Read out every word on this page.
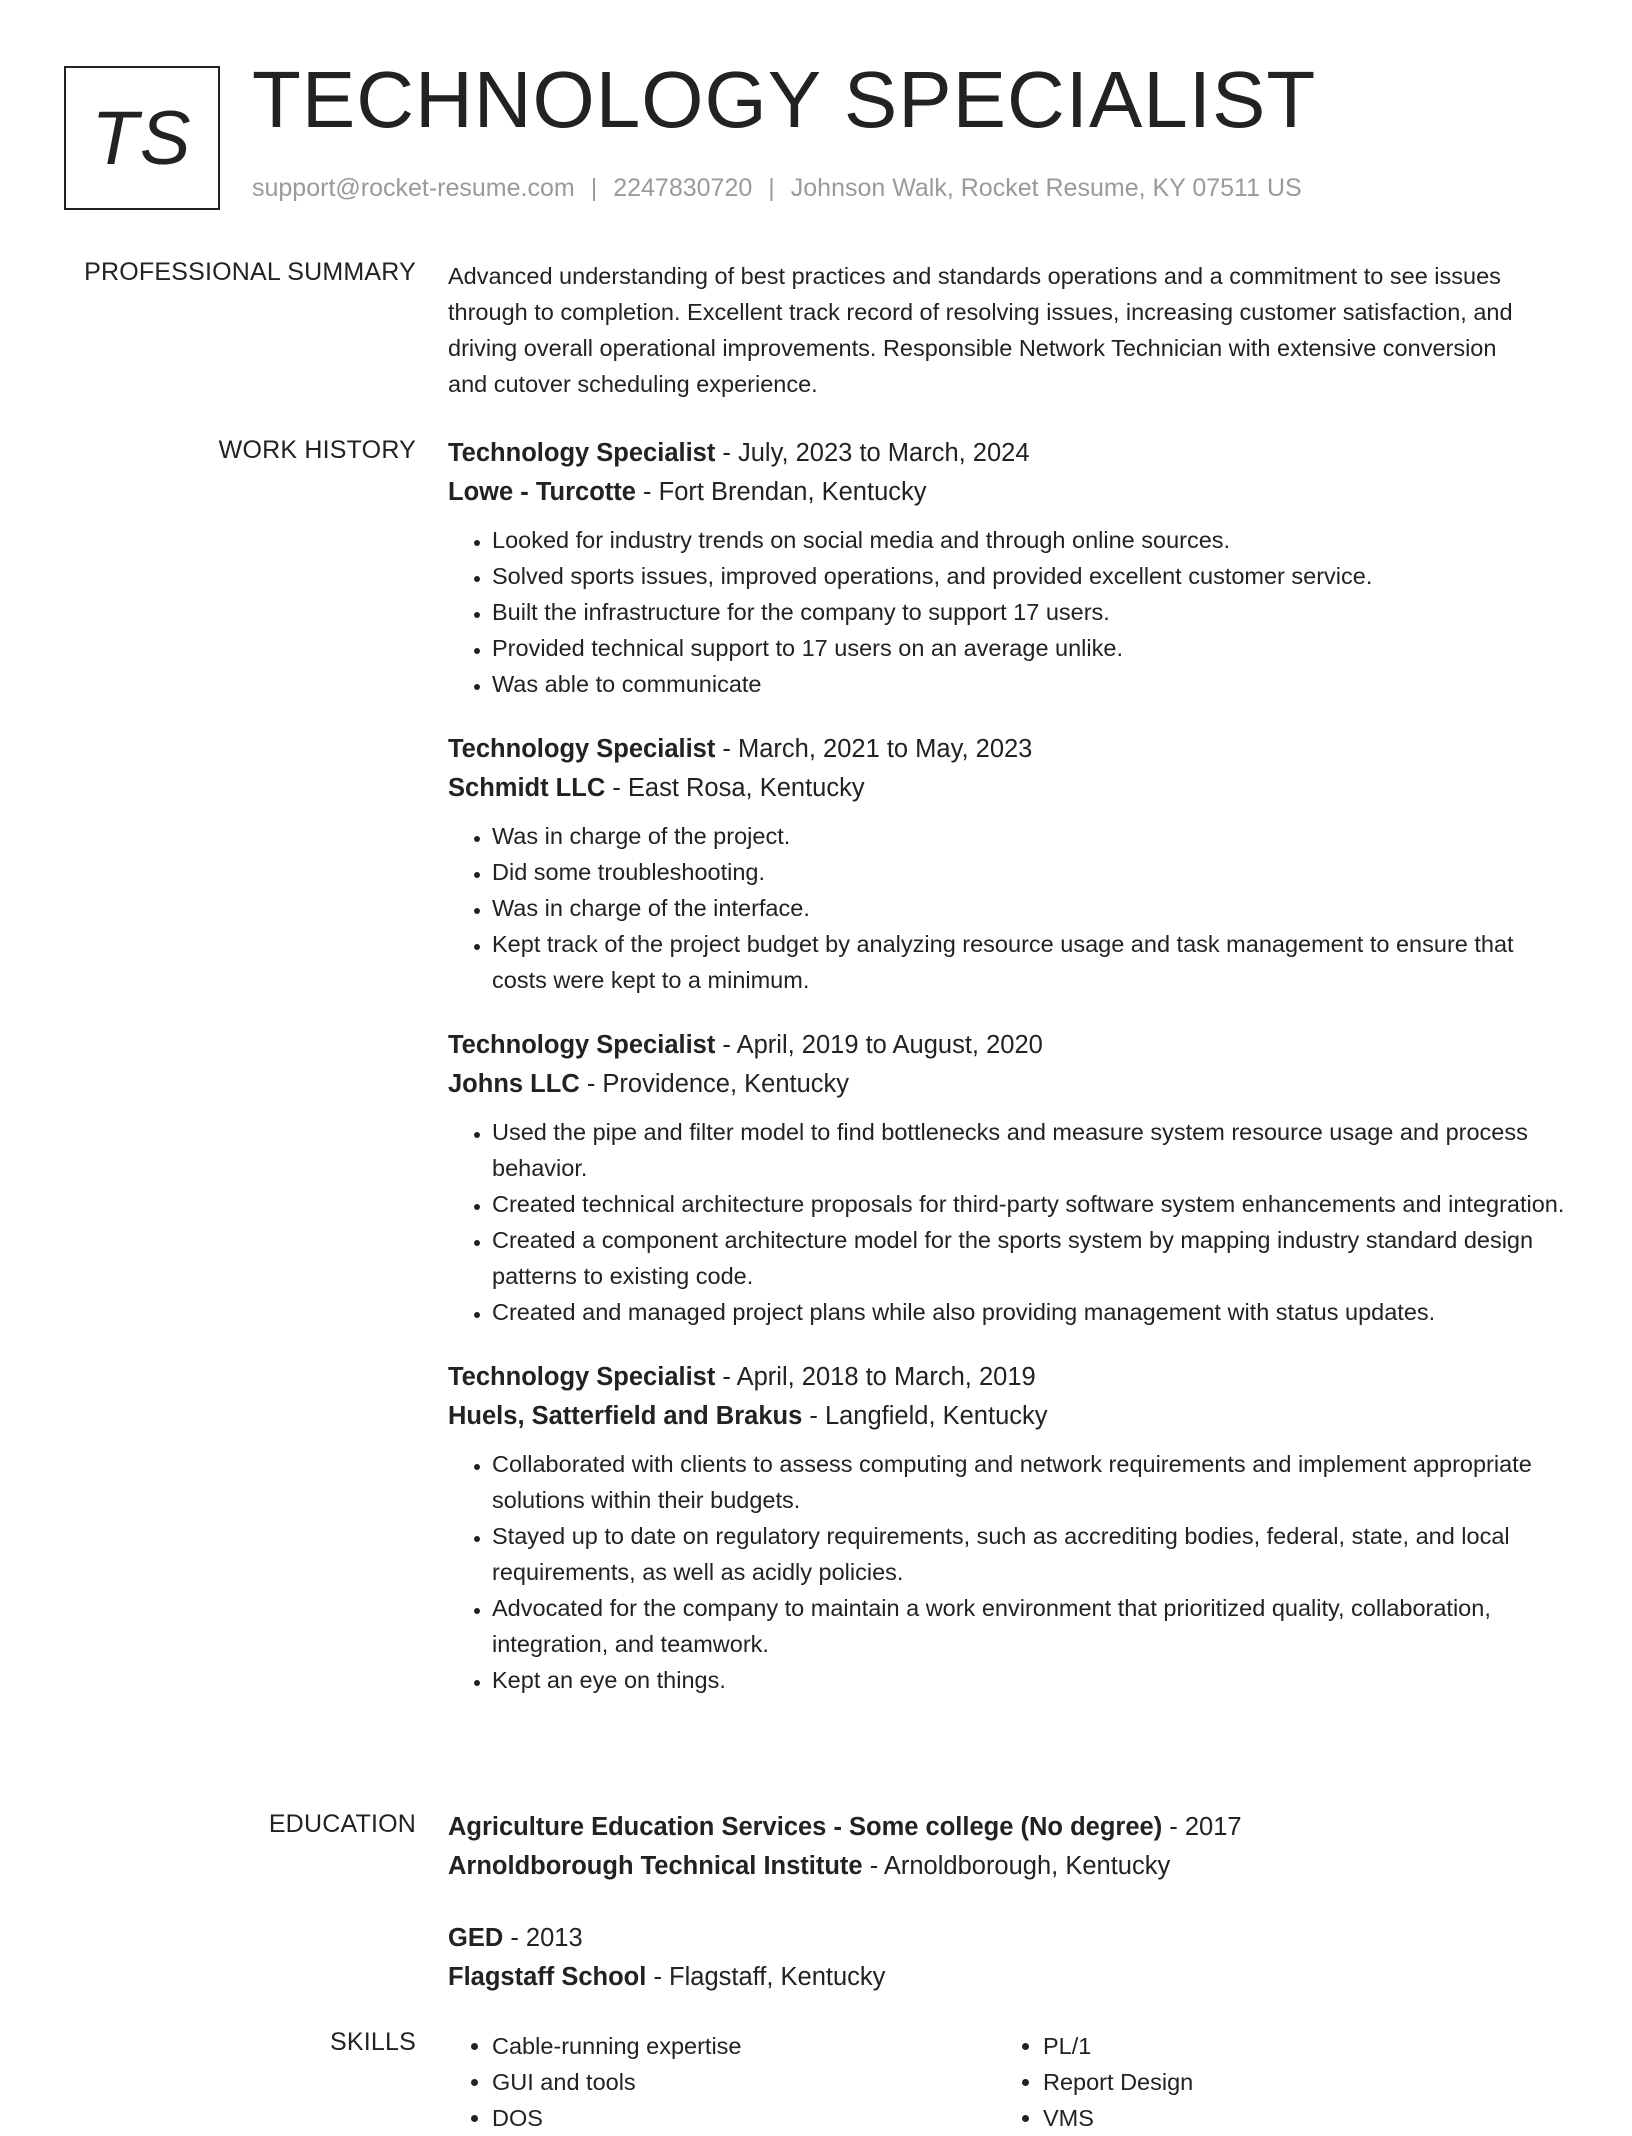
TS TECHNOLOGY SPECIALIST
support@rocket-resume.com | 2247830720 | Johnson Walk, Rocket Resume, KY 07511 US
PROFESSIONAL SUMMARY Advanced understanding of best practices and standards operations and a commitment to see issues through to completion. Excellent track record of resolving issues, increasing customer satisfaction, and driving overall operational improvements. Responsible Network Technician with extensive conversion and cutover scheduling experience.
WORK HISTORY Technology Specialist - July, 2023 to March, 2024
Lowe - Turcotte - Fort Brendan, Kentucky
• Looked for industry trends on social media and through online sources.
• Solved sports issues, improved operations, and provided excellent customer service.
• Built the infrastructure for the company to support 17 users.
• Provided technical support to 17 users on an average unlike.
• Was able to communicate
Technology Specialist - March, 2021 to May, 2023
Schmidt LLC - East Rosa, Kentucky
• Was in charge of the project.
• Did some troubleshooting.
• Was in charge of the interface.
• Kept track of the project budget by analyzing resource usage and task management to ensure that costs were kept to a minimum.
Technology Specialist - April, 2019 to August, 2020
Johns LLC - Providence, Kentucky
• Used the pipe and filter model to find bottlenecks and measure system resource usage and process behavior.
• Created technical architecture proposals for third-party software system enhancements and integration.
• Created a component architecture model for the sports system by mapping industry standard design patterns to existing code.
• Created and managed project plans while also providing management with status updates.
Technology Specialist - April, 2018 to March, 2019
Huels, Satterfield and Brakus - Langfield, Kentucky
• Collaborated with clients to assess computing and network requirements and implement appropriate solutions within their budgets.
• Stayed up to date on regulatory requirements, such as accrediting bodies, federal, state, and local requirements, as well as acidly policies.
• Advocated for the company to maintain a work environment that prioritized quality, collaboration, integration, and teamwork.
• Kept an eye on things.
EDUCATION Agriculture Education Services - Some college (No degree) - 2017
Arnoldborough Technical Institute - Arnoldborough, Kentucky
GED - 2013
Flagstaff School - Flagstaff, Kentucky
SKILLS
•	Cable-running expertise
• GUI and tools
• DOS
• PL/1
• Report Design
• VMS
